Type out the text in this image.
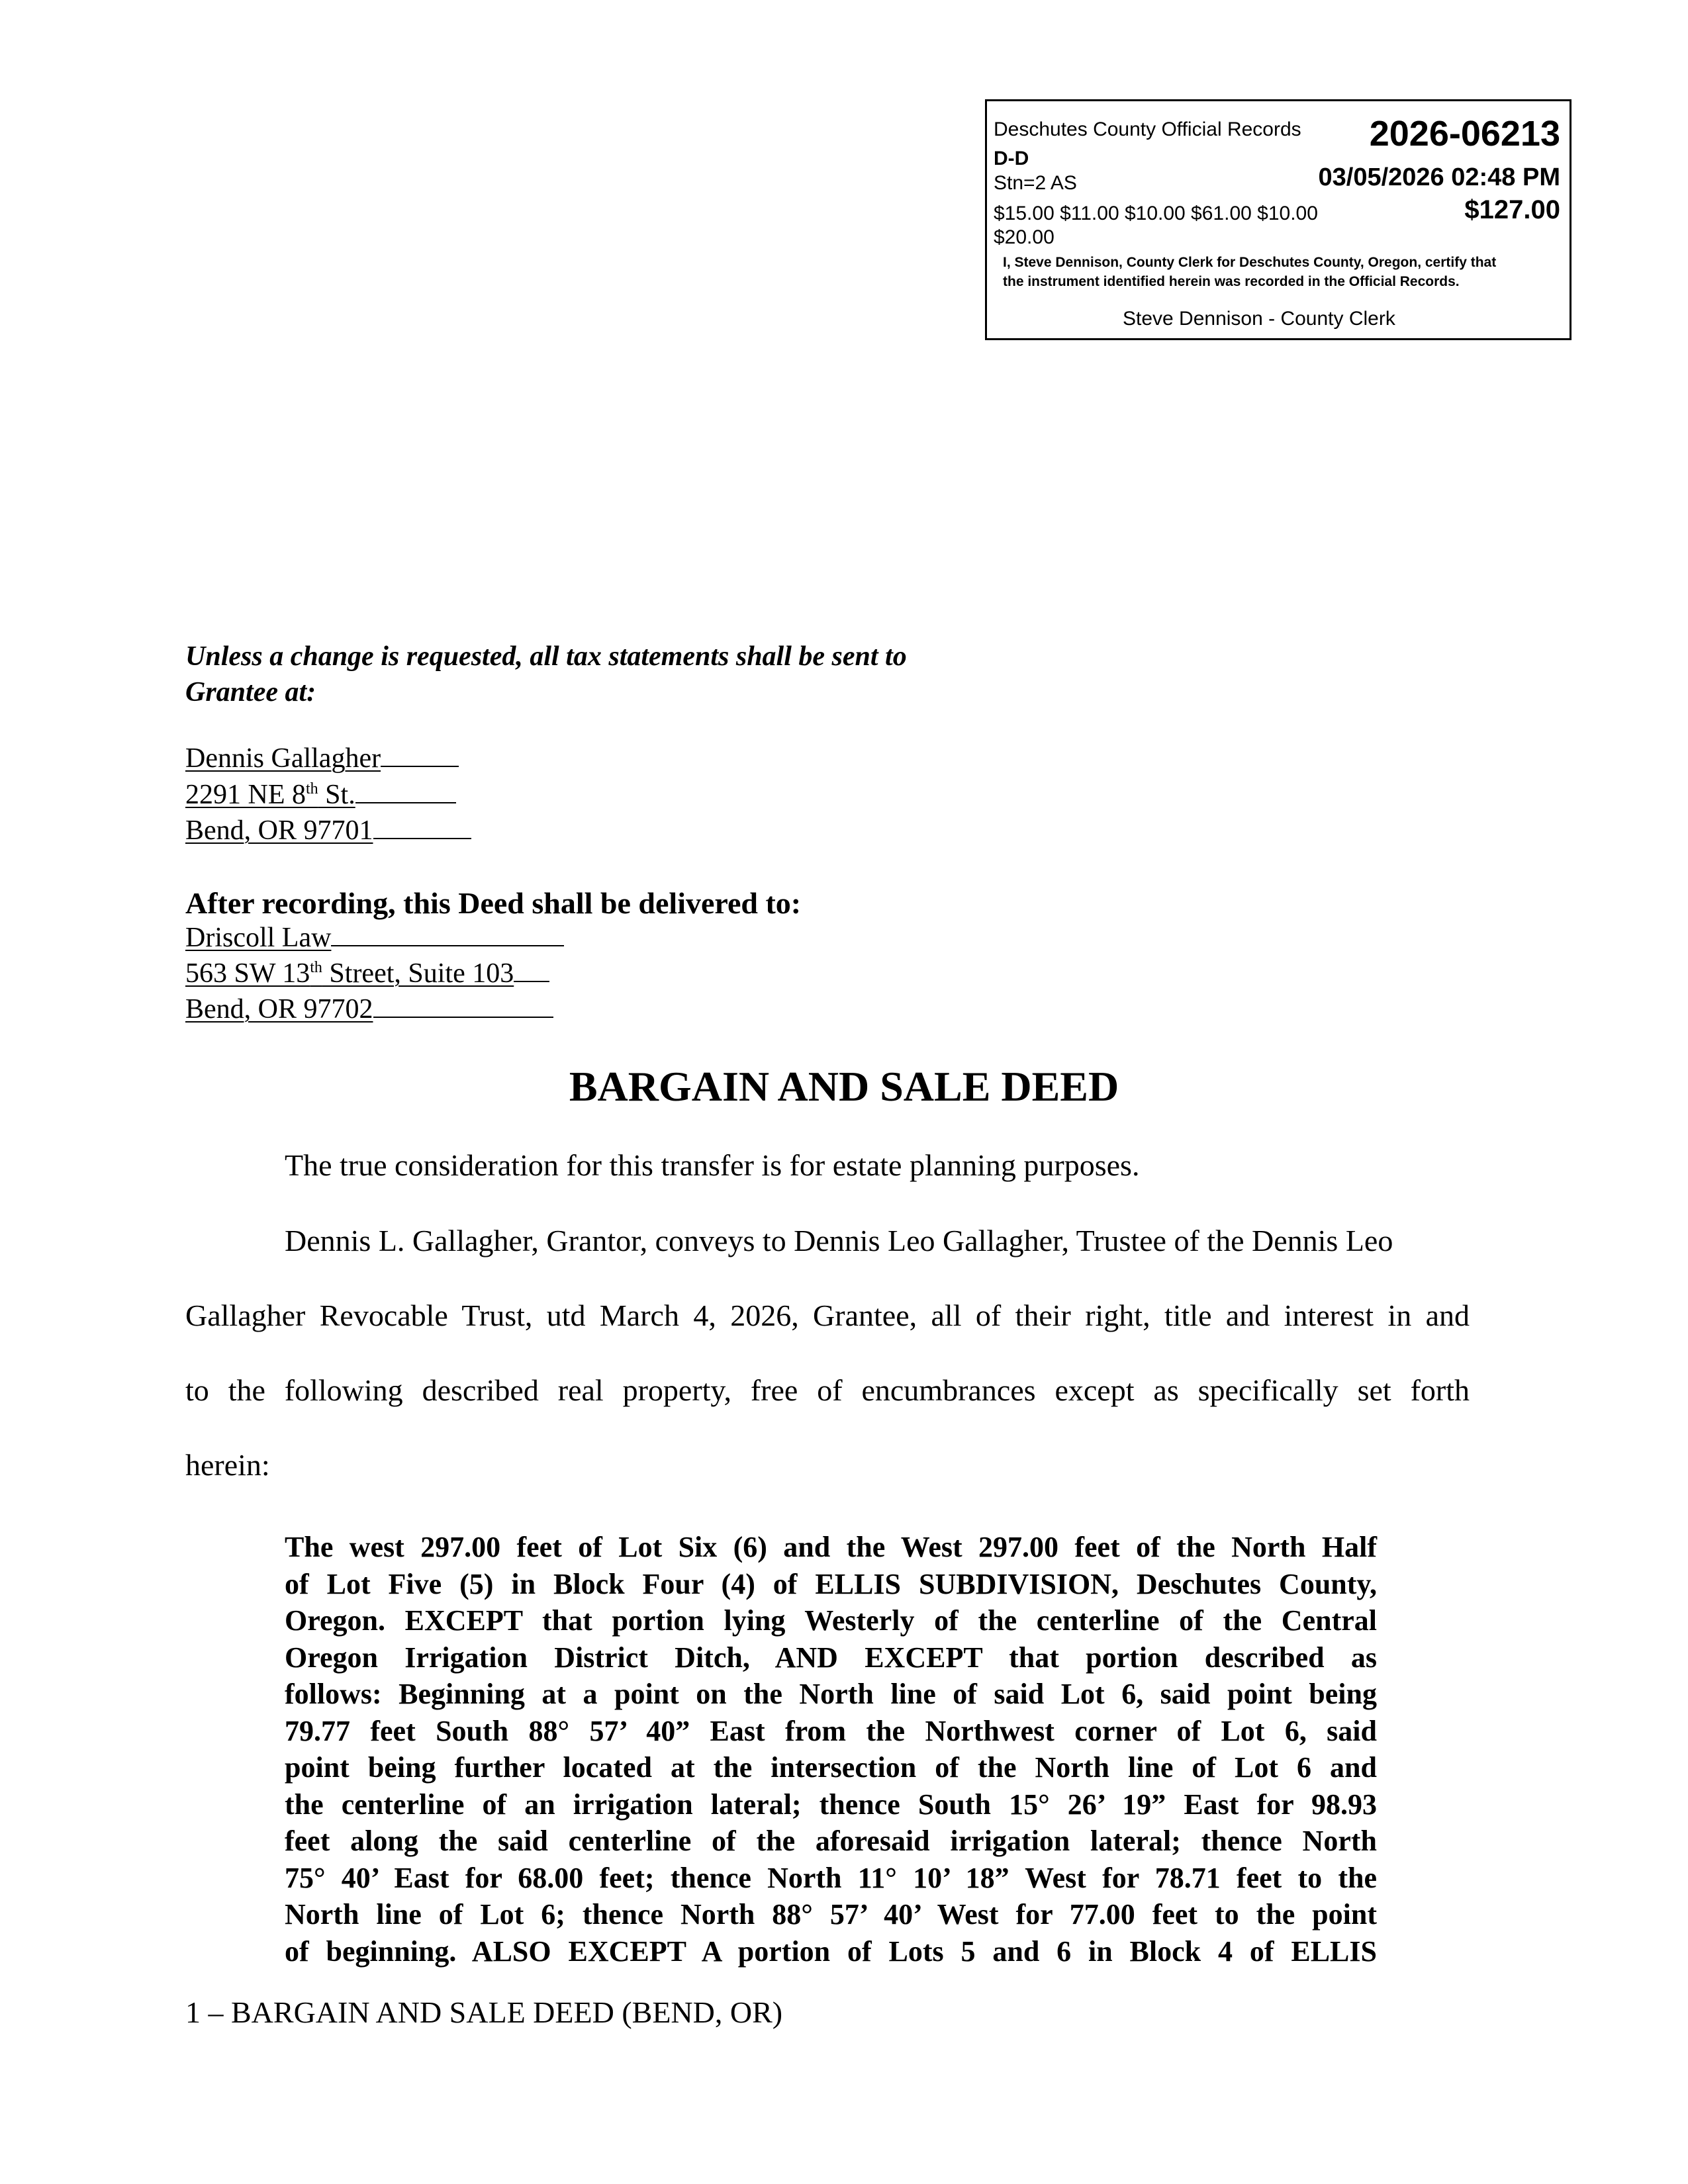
Deschutes County Official Records 2026-06213
D-D
Stn=2 AS	03/05/2026 02:48 PM
$15.00 $11.00 $10.00 $61.00 $10.00	$127.00
$20.00
I, Steve Dennison, County Clerk for Deschutes County, Oregon, certify that the instrument identified herein was recorded in the Official Records.
Steve Dennison - County Clerk
Unless a change is requested, all tax statements shall be sent to
Grantee at:
Dennis Gallagher
2291 NE 8th St.
Bend, OR 97701
After recording, this Deed shall be delivered to:
Driscoll Law
563 SW 13th Street, Suite 103
Bend, OR 97702
BARGAIN AND SALE DEED
The true consideration for this transfer is for estate planning purposes.
Dennis L. Gallagher, Grantor, conveys to Dennis Leo Gallagher, Trustee of the Dennis Leo
Gallagher Revocable Trust, utd March 4, 2026, Grantee, all of their right, title and interest in and
to the following described real property, free of encumbrances except as specifically set forth
herein:
The west 297.00 feet of Lot Six (6) and the West 297.00 feet of the North Half
of Lot Five (5) in Block Four (4) of ELLIS SUBDIVISION, Deschutes County,
Oregon. EXCEPT that portion lying Westerly of the centerline of the Central
Oregon Irrigation District Ditch, AND EXCEPT that portion described as
follows: Beginning at a point on the North line of said Lot 6, said point being
79.77 feet South 88° 57’ 40” East from the Northwest corner of Lot 6, said
point being further located at the intersection of the North line of Lot 6 and
the centerline of an irrigation lateral; thence South 15° 26’ 19” East for 98.93
feet along the said centerline of the aforesaid irrigation lateral; thence North
75° 40’ East for 68.00 feet; thence North 11° 10’ 18” West for 78.71 feet to the
North line of Lot 6; thence North 88° 57’ 40’ West for 77.00 feet to the point
of beginning. ALSO EXCEPT A portion of Lots 5 and 6 in Block 4 of ELLIS
1 – BARGAIN AND SALE DEED (BEND, OR)
